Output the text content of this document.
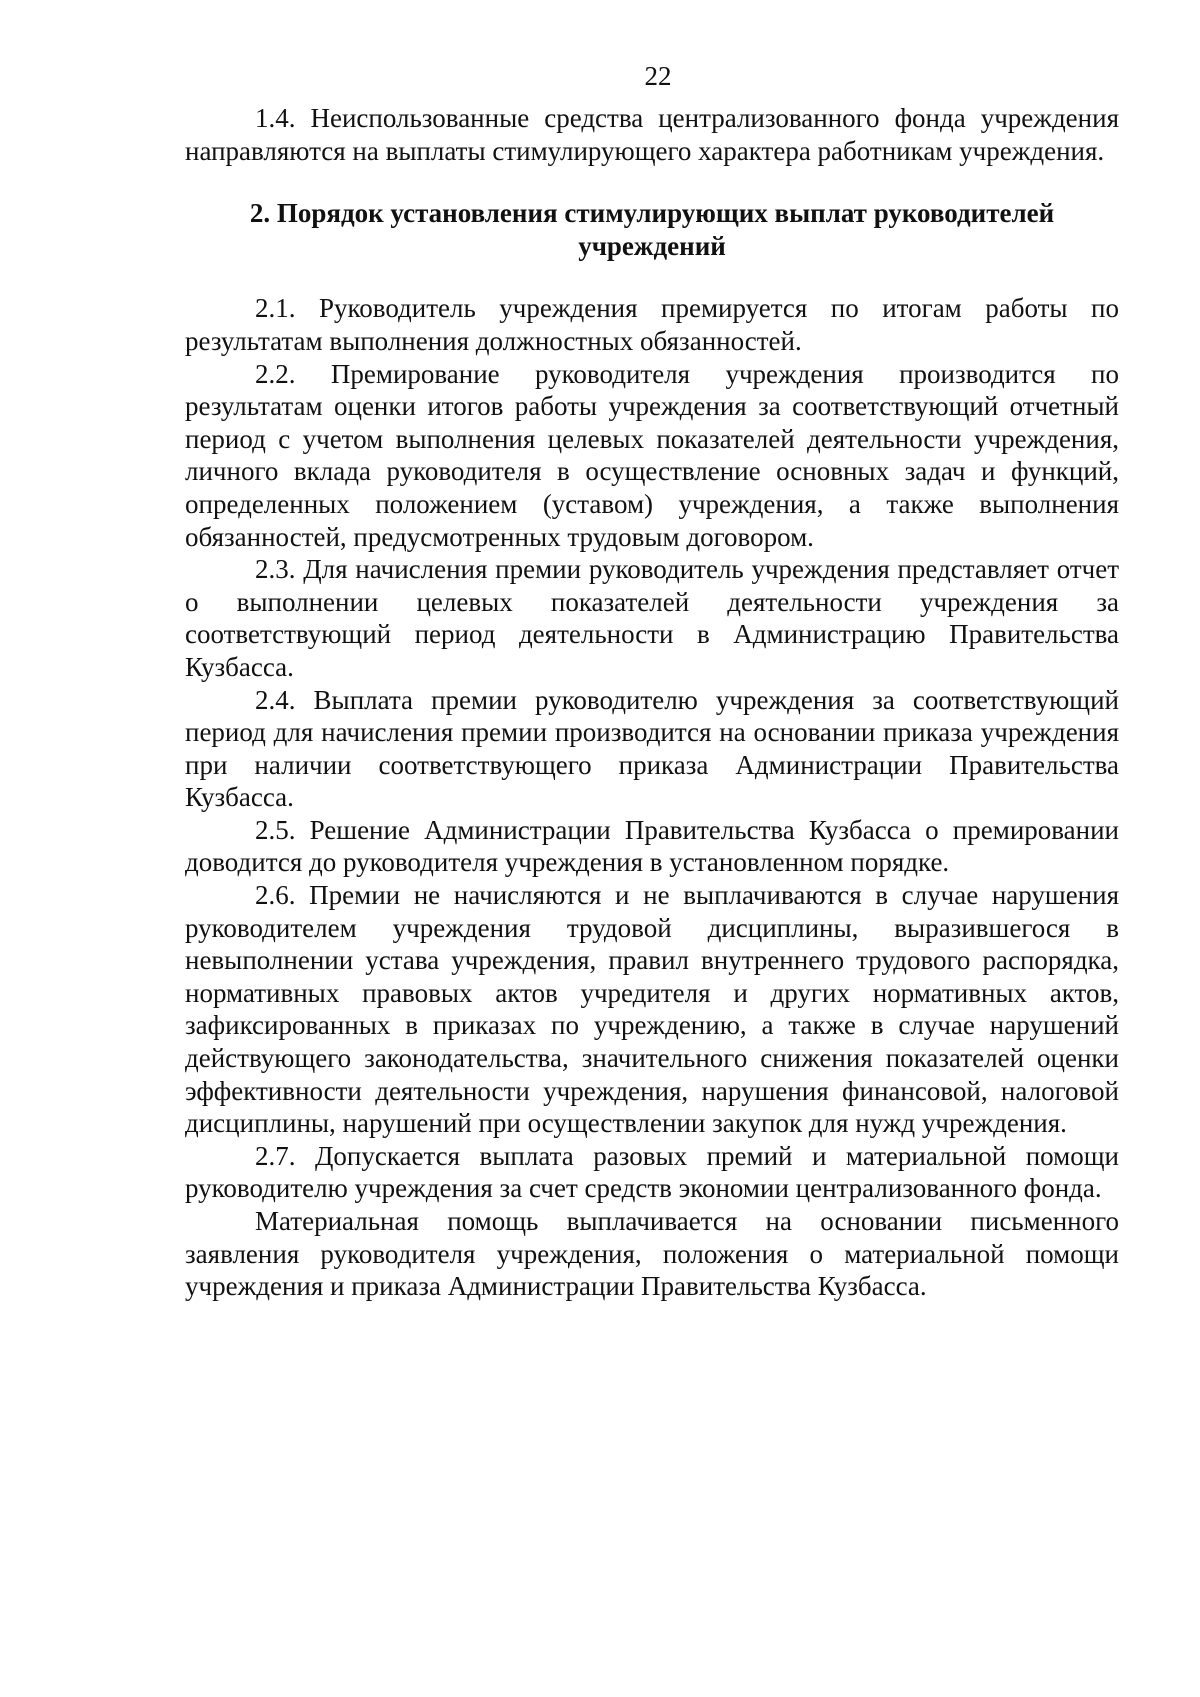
22

1.4. Неиспользованные средства централизованного фонда учреждения направляются на выплаты стимулирующего характера работникам учреждения.

2. Порядок установления стимулирующих выплат руководителей
учреждений

2.1. Руководитель учреждения премируется по итогам работы по результатам выполнения должностных обязанностей.

2.2. Премирование руководителя учреждения производится по результатам оценки итогов работы учреждения за соответствующий отчетный период с учетом выполнения целевых показателей деятельности учреждения, личного вклада руководителя в осуществление основных задач и функций, определенных положением (уставом) учреждения, а также выполнения обязанностей, предусмотренных трудовым договором.

2.3. Для начисления премии руководитель учреждения представляет отчет о выполнении целевых показателей деятельности учреждения за соответствующий период деятельности в Администрацию Правительства Кузбасса.

2.4. Выплата премии руководителю учреждения за соответствующий период для начисления премии производится на основании приказа учреждения при наличии соответствующего приказа Администрации Правительства Кузбасса.

2.5. Решение Администрации Правительства Кузбасса о премировании доводится до руководителя учреждения в установленном порядке.

2.6. Премии не начисляются и не выплачиваются в случае нарушения руководителем учреждения трудовой дисциплины, выразившегося в невыполнении устава учреждения, правил внутреннего трудового распорядка, нормативных правовых актов учредителя и других нормативных актов, зафиксированных в приказах по учреждению, а также в случае нарушений действующего законодательства, значительного снижения показателей оценки эффективности деятельности учреждения, нарушения финансовой, налоговой дисциплины, нарушений при осуществлении закупок для нужд учреждения.

2.7. Допускается выплата разовых премий и материальной помощи руководителю учреждения за счет средств экономии централизованного фонда.

Материальная помощь выплачивается на основании письменного заявления руководителя учреждения, положения о материальной помощи учреждения и приказа Администрации Правительства Кузбасса.
